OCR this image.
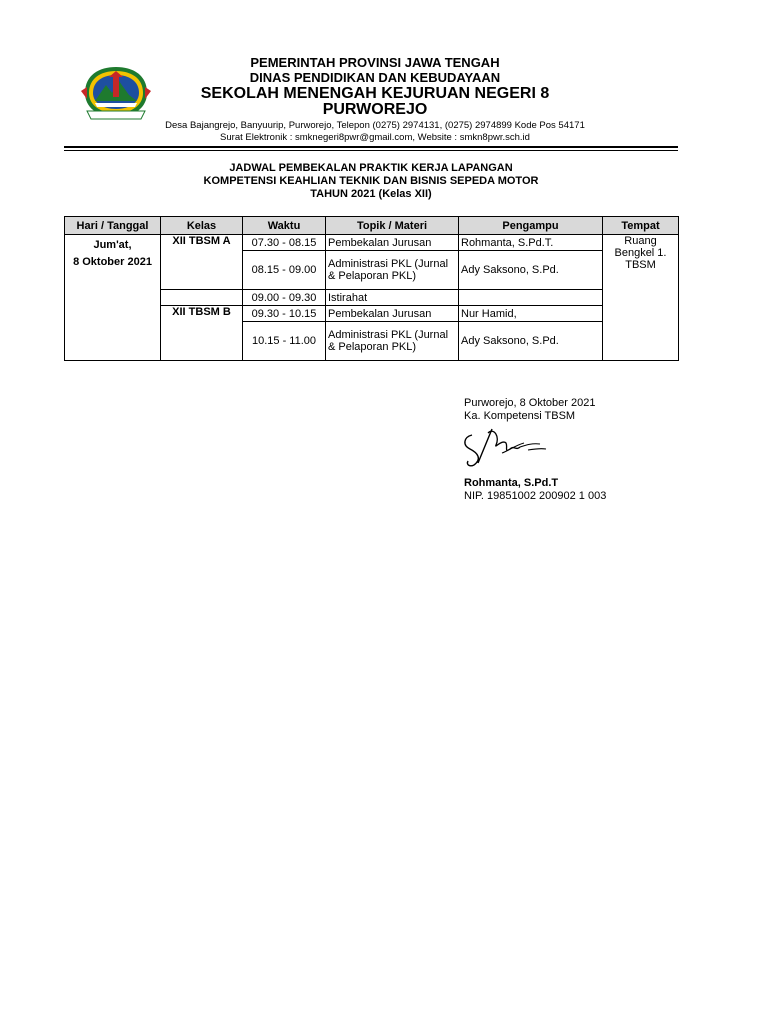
PEMERINTAH PROVINSI JAWA TENGAH
DINAS PENDIDIKAN DAN KEBUDAYAAN
SEKOLAH MENENGAH KEJURUAN NEGERI 8
PURWOREJO
Desa Bajangrejo, Banyuurip, Purworejo, Telepon (0275) 2974131, (0275) 2974899 Kode Pos 54171
Surat Elektronik : smknegeri8pwr@gmail.com, Website : smkn8pwr.sch.id
JADWAL PEMBEKALAN PRAKTIK KERJA LAPANGAN
KOMPETENSI KEAHLIAN TEKNIK DAN BISNIS SEPEDA MOTOR
TAHUN 2021 (Kelas XII)
Hari / Tanggal	Kelas	Waktu	Topik / Materi	Pengampu	Tempat

Jum'at,
8 Oktober 2021	XII TBSM A	07.30 - 08.15	Pembekalan Jurusan	Rohmanta, S.Pd.T.	Ruang Bengkel 1. TBSM
		08.15 - 09.00	Administrasi PKL (Jurnal & Pelaporan PKL)	Ady Saksono, S.Pd.	
		09.00 - 09.30	Istirahat		
	XII TBSM B	09.30 - 10.15	Pembekalan Jurusan	Nur Hamid,	
		10.15 - 11.00	Administrasi PKL (Jurnal & Pelaporan PKL)	Ady Saksono, S.Pd.	
Purworejo, 8 Oktober 2021
Ka. Kompetensi TBSM
Rohmanta, S.Pd.T
NIP. 19851002 200902 1 003
